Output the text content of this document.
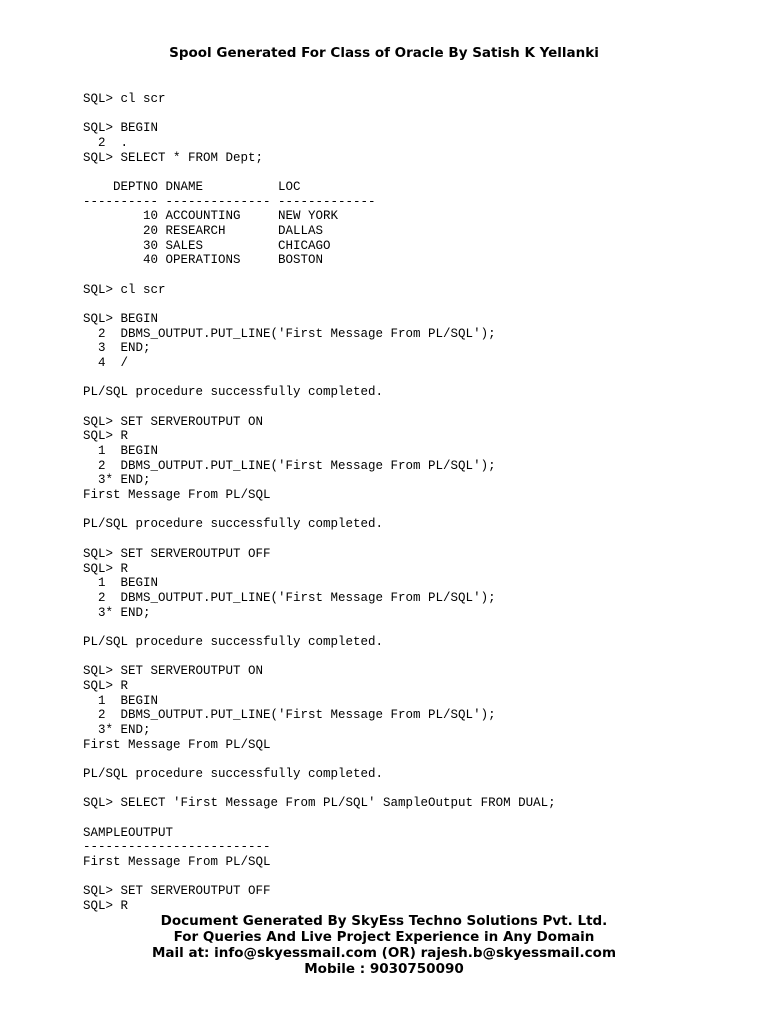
Spool Generated For Class of Oracle By Satish K Yellanki
SQL> cl scr
SQL> BEGIN
2  .
SQL> SELECT * FROM Dept;
DEPTNO DNAME          LOC
---------- -------------- -------------
10 ACCOUNTING     NEW YORK
20 RESEARCH       DALLAS
30 SALES          CHICAGO
40 OPERATIONS     BOSTON
SQL> cl scr
SQL> BEGIN
2  DBMS_OUTPUT.PUT_LINE('First Message From PL/SQL');
3  END;
4  /
PL/SQL procedure successfully completed.
SQL> SET SERVEROUTPUT ON
SQL> R
1  BEGIN
2  DBMS_OUTPUT.PUT_LINE('First Message From PL/SQL');
3* END;
First Message From PL/SQL
PL/SQL procedure successfully completed.
SQL> SET SERVEROUTPUT OFF
SQL> R
1  BEGIN
2  DBMS_OUTPUT.PUT_LINE('First Message From PL/SQL');
3* END;
PL/SQL procedure successfully completed.
SQL> SET SERVEROUTPUT ON
SQL> R
1  BEGIN
2  DBMS_OUTPUT.PUT_LINE('First Message From PL/SQL');
3* END;
First Message From PL/SQL
PL/SQL procedure successfully completed.
SQL> SELECT 'First Message From PL/SQL' SampleOutput FROM DUAL;
SAMPLEOUTPUT
-------------------------
First Message From PL/SQL
SQL> SET SERVEROUTPUT OFF
SQL> R
Document Generated By SkyEss Techno Solutions Pvt. Ltd.
For Queries And Live Project Experience in Any Domain
Mail at: info@skyessmail.com (OR) rajesh.b@skyessmail.com
Mobile : 9030750090
